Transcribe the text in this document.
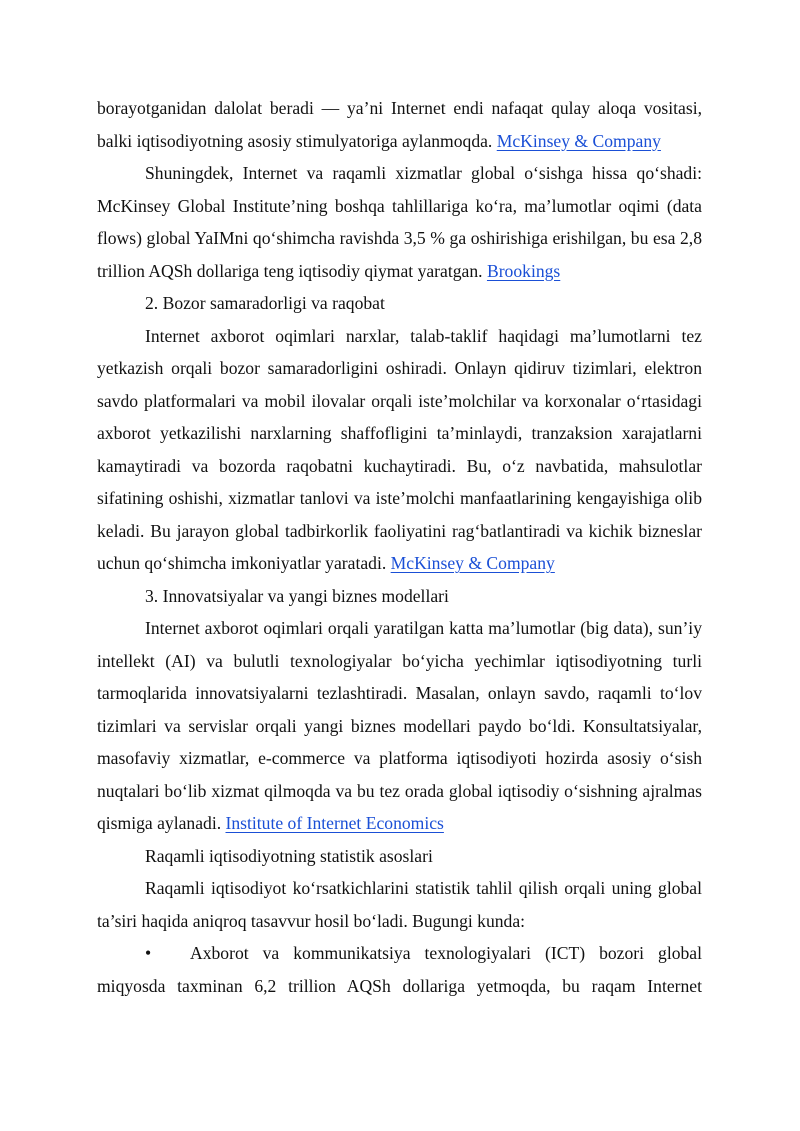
borayotganidan dalolat beradi — ya’ni Internet endi nafaqat qulay aloqa vositasi, balki iqtisodiyotning asosiy stimulyatoriga aylanmoqda. McKinsey & Company

Shuningdek, Internet va raqamli xizmatlar global o‘sishga hissa qo‘shadi: McKinsey Global Institute’ning boshqa tahlillariga ko‘ra, ma’lumotlar oqimi (data flows) global YaIMni qo‘shimcha ravishda 3,5 % ga oshirishiga erishilgan, bu esa 2,8 trillion AQSh dollariga teng iqtisodiy qiymat yaratgan. Brookings

2. Bozor samaradorligi va raqobat

Internet axborot oqimlari narxlar, talab-taklif haqidagi ma’lumotlarni tez yetkazish orqali bozor samaradorligini oshiradi. Onlayn qidiruv tizimlari, elektron savdo platformalari va mobil ilovalar orqali iste’molchilar va korxonalar o‘rtasidagi axborot yetkazilishi narxlarning shaffofligini ta’minlaydi, tranzaksion xarajatlarni kamaytiradi va bozorda raqobatni kuchaytiradi. Bu, o‘z navbatida, mahsulotlar sifatining oshishi, xizmatlar tanlovi va iste’molchi manfaatlarining kengayishiga olib keladi. Bu jarayon global tadbirkorlik faoliyatini rag‘batlantiradi va kichik bizneslar uchun qo‘shimcha imkoniyatlar yaratadi. McKinsey & Company

3. Innovatsiyalar va yangi biznes modellari

Internet axborot oqimlari orqali yaratilgan katta ma’lumotlar (big data), sun’iy intellekt (AI) va bulutli texnologiyalar bo‘yicha yechimlar iqtisodiyotning turli tarmoqlarida innovatsiyalarni tezlashtiradi. Masalan, onlayn savdo, raqamli to‘lov tizimlari va servislar orqali yangi biznes modellari paydo bo‘ldi. Konsultatsiyalar, masofaviy xizmatlar, e-commerce va platforma iqtisodiyoti hozirda asosiy o‘sish nuqtalari bo‘lib xizmat qilmoqda va bu tez orada global iqtisodiy o‘sishning ajralmas qismiga aylanadi. Institute of Internet Economics

Raqamli iqtisodiyotning statistik asoslari

Raqamli iqtisodiyot ko‘rsatkichlarini statistik tahlil qilish orqali uning global ta’siri haqida aniqroq tasavvur hosil bo‘ladi. Bugungi kunda:

• Axborot va kommunikatsiya texnologiyalari (ICT) bozori global miqyosda taxminan 6,2 trillion AQSh dollariga yetmoqda, bu raqam Internet
